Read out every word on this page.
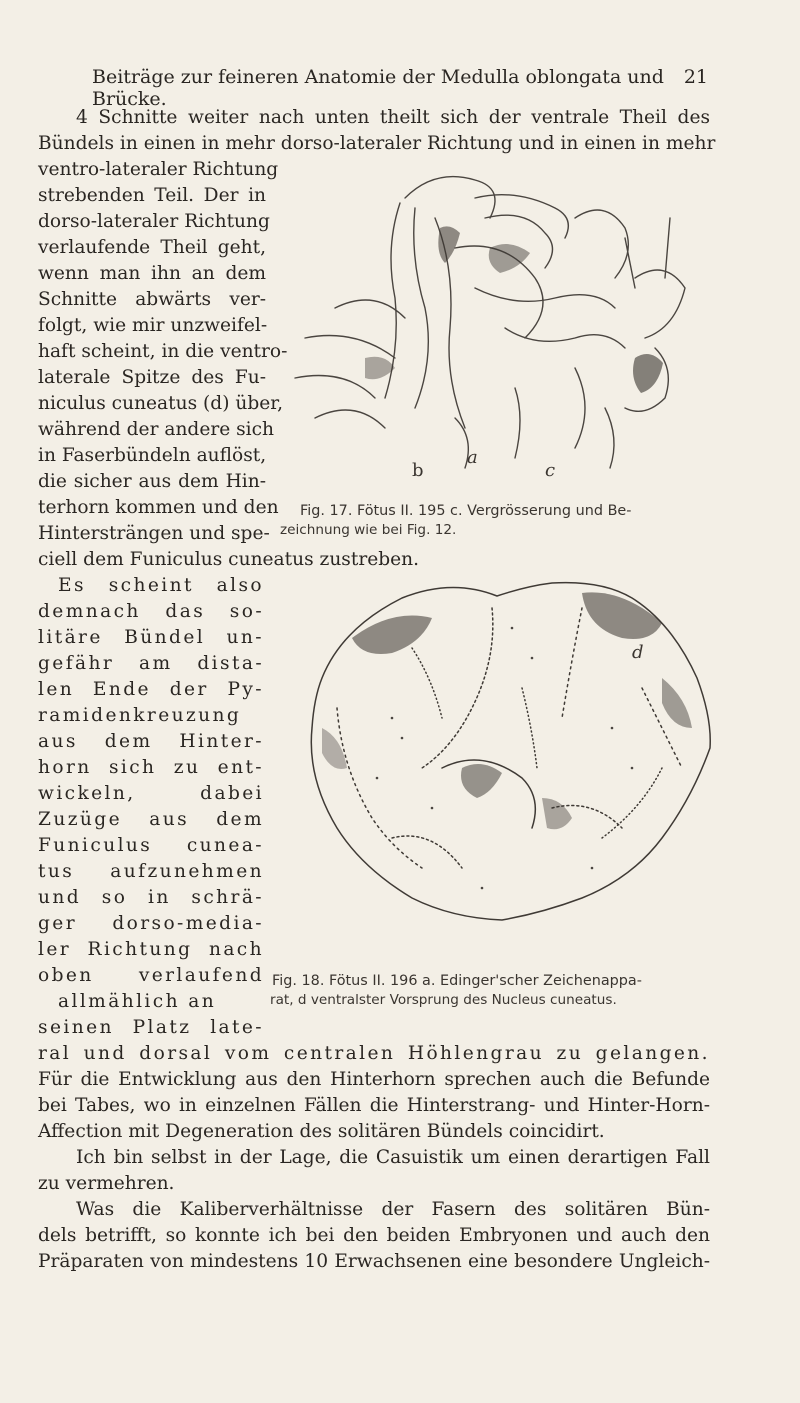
Beiträge zur feineren Anatomie der Medulla oblongata und Brücke.
21
4 Schnitte weiter nach unten theilt sich der ventrale Theil des
Bündels in einen in mehr dorso-lateraler Richtung und in einen in mehr
ventro-lateraler Richtung
strebenden Teil. Der in
dorso-lateraler Richtung
verlaufende Theil geht,
wenn man ihn an dem
Schnitte abwärts ver-
folgt, wie mir unzweifel-
haft scheint, in die ventro-
laterale Spitze des Fu-
niculus cuneatus (d) über,
während der andere sich
in Faserbündeln auflöst,
die sicher aus dem Hin-
terhorn kommen und den
Hintersträngen und spe-
a
b	c
Fig. 17. Fötus II. 195 c. Vergrösserung und Be-
zeichnung wie bei Fig. 12.
ciell dem Funiculus cuneatus zustreben.
Es scheint also
demnach das so-
litäre Bündel un-
gefähr am dista-
len Ende der Py-
ramidenkreuzung
aus dem Hinter-
horn sich zu ent-
wickeln, dabei
Zuzüge aus dem
Funiculus cunea-
tus aufzunehmen
und so in schrä-
ger dorso-media-
ler Richtung nach
oben verlaufend
allmählich an
seinen Platz late-
d
Fig. 18. Fötus II. 196 a. Edinger'scher Zeichenappa-
rat, d ventralster Vorsprung des Nucleus cuneatus.
ral und dorsal vom centralen Höhlengrau zu gelangen.
Für die Entwicklung aus den Hinterhorn sprechen auch die Befunde
bei Tabes, wo in einzelnen Fällen die Hinterstrang- und Hinter-Horn-
Affection mit Degeneration des solitären Bündels coincidirt.
Ich bin selbst in der Lage, die Casuistik um einen derartigen Fall
zu vermehren.
Was die Kaliberverhältnisse der Fasern des solitären Bün-
dels betrifft, so konnte ich bei den beiden Embryonen und auch den
Präparaten von mindestens 10 Erwachsenen eine besondere Ungleich-
